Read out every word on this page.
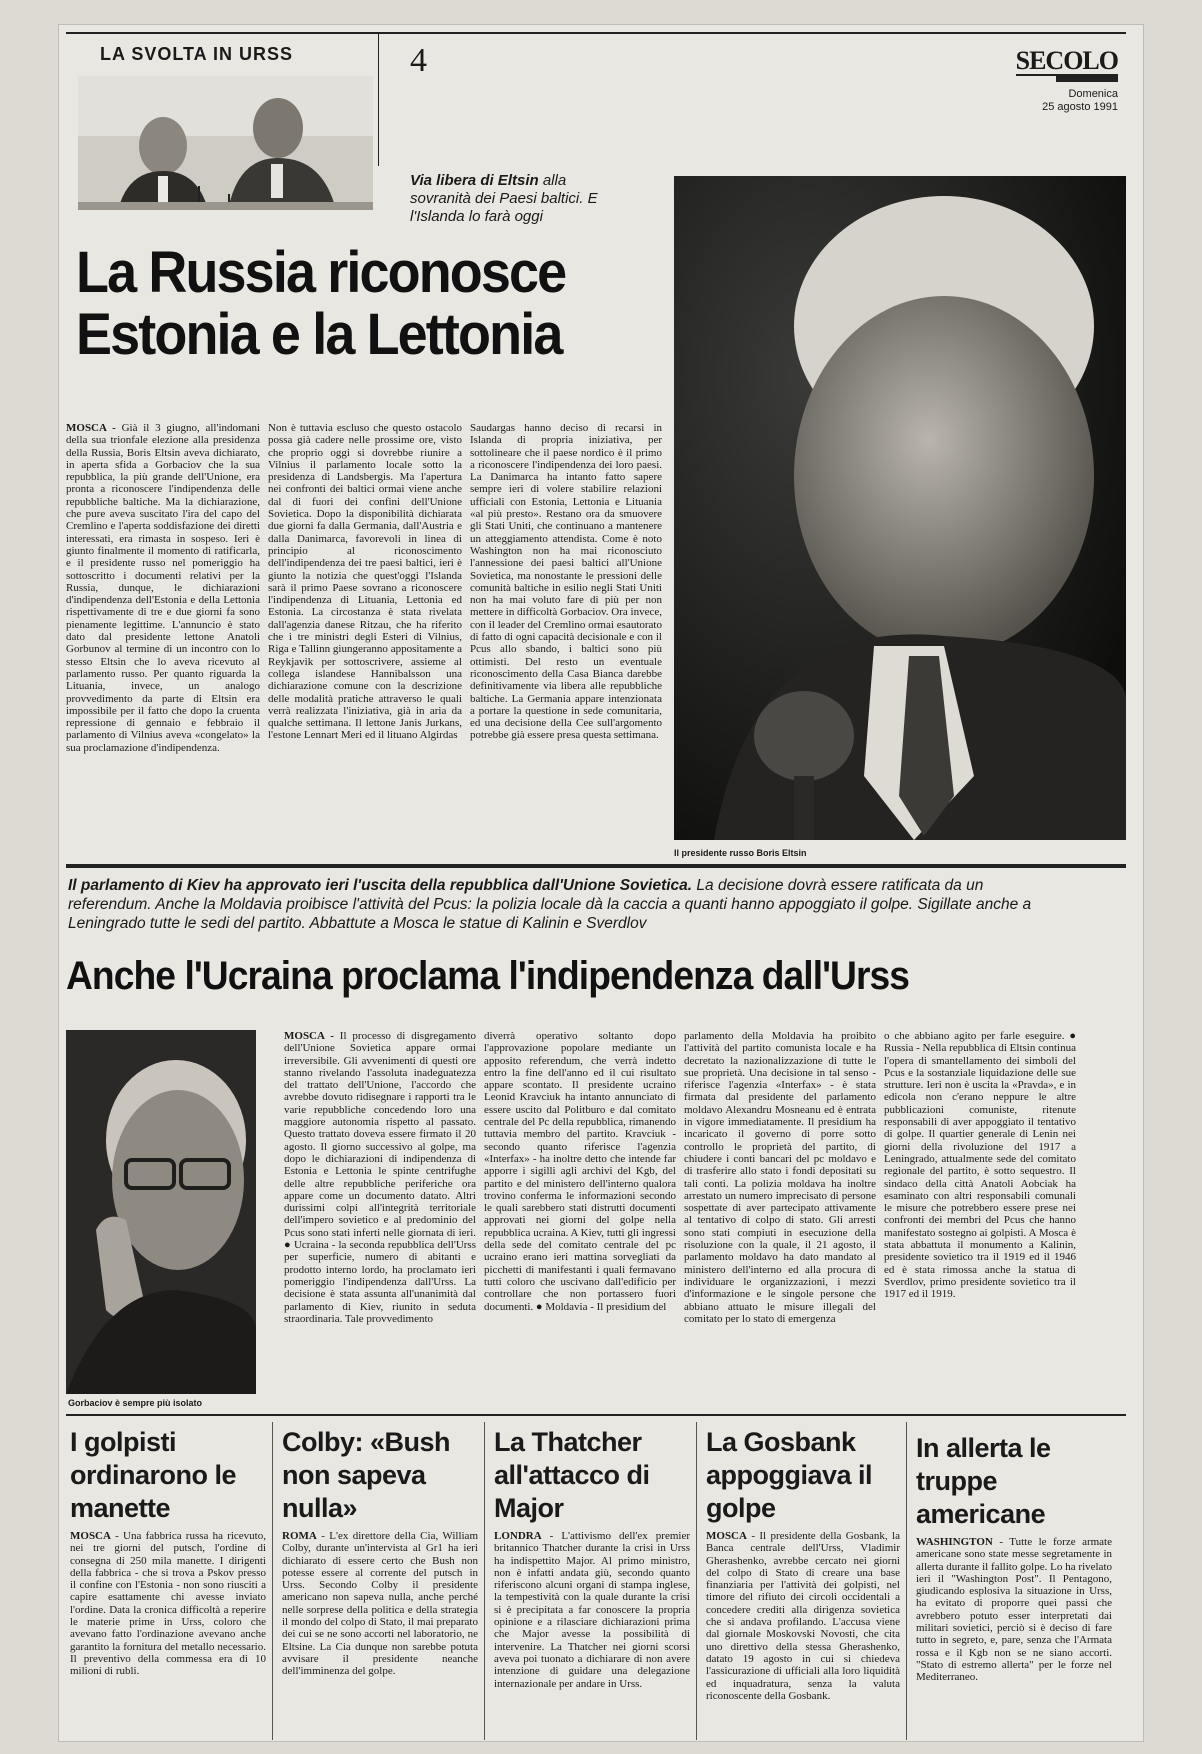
LA SVOLTA IN URSS	4	SECOLO
Domenica
25 agosto 1991
Via libera di Eltsin alla sovranità dei Paesi baltici. E l'Islanda lo farà oggi
La Russia riconosce
Estonia e la Lettonia
MOSCA - Già il 3 giugno, all'indomani della sua trionfale elezione alla presidenza della Russia, Boris Eltsin aveva dichiarato, in aperta sfida a Gorbaciov che la sua repubblica, la più grande dell'Unione, era pronta a riconoscere l'indipendenza delle repubbliche baltiche. Ma la dichiarazione, che pure aveva suscitato l'ira del capo del Cremlino e l'aperta soddisfazione dei diretti interessati, era rimasta in sospeso. Ieri è giunto finalmente il momento di ratificarla, e il presidente russo nel pomeriggio ha sottoscritto i documenti relativi per la Russia, dunque, le dichiarazioni d'indipendenza dell'Estonia e della Lettonia rispettivamente di tre e due giorni fa sono pienamente legittime. L'annuncio è stato dato dal presidente lettone Anatoli Gorbunov al termine di un incontro con lo stesso Eltsin che lo aveva ricevuto al parlamento russo. Per quanto riguarda la Lituania, invece, un analogo provvedimento da parte di Eltsin era impossibile per il fatto che dopo la cruenta repressione di gennaio e febbraio il parlamento di Vilnius aveva «congelato» la sua proclamazione d'indipendenza.
Non è tuttavia escluso che questo ostacolo possa già cadere nelle prossime ore, visto che proprio oggi si dovrebbe riunire a Vilnius il parlamento locale sotto la presidenza di Landsbergis. Ma l'apertura nei confronti dei baltici ormai viene anche dal di fuori dei confini dell'Unione Sovietica. Dopo la disponibilità dichiarata due giorni fa dalla Germania, dall'Austria e dalla Danimarca, favorevoli in linea di principio al riconoscimento dell'indipendenza dei tre paesi baltici, ieri è giunto la notizia che quest'oggi l'Islanda sarà il primo Paese sovrano a riconoscere l'indipendenza di Lituania, Lettonia ed Estonia. La circostanza è stata rivelata dall'agenzia danese Ritzau, che ha riferito che i tre ministri degli Esteri di Vilnius, Riga e Tallinn giungeranno appositamente a Reykjavik per sottoscrivere, assieme al collega islandese Hannibalsson una dichiarazione comune con la descrizione delle modalità pratiche attraverso le quali verrà realizzata l'iniziativa, già in aria da qualche settimana. Il lettone Janis Jurkans, l'estone Lennart Meri ed il lituano Algirdas
Saudargas hanno deciso di recarsi in Islanda di propria iniziativa, per sottolineare che il paese nordico è il primo a riconoscere l'indipendenza dei loro paesi. La Danimarca ha intanto fatto sapere sempre ieri di volere stabilire relazioni ufficiali con Estonia, Lettonia e Lituania «al più presto». Restano ora da smuovere gli Stati Uniti, che continuano a mantenere un atteggiamento attendista. Come è noto Washington non ha mai riconosciuto l'annessione dei paesi baltici all'Unione Sovietica, ma nonostante le pressioni delle comunità baltiche in esilio negli Stati Uniti non ha mai voluto fare di più per non mettere in difficoltà Gorbaciov. Ora invece, con il leader del Cremlino ormai esautorato di fatto di ogni capacità decisionale e con il Pcus allo sbando, i baltici sono più ottimisti. Del resto un eventuale riconoscimento della Casa Bianca darebbe definitivamente via libera alle repubbliche baltiche. La Germania appare intenzionata a portare la questione in sede comunitaria, ed una decisione della Cee sull'argomento potrebbe già essere presa questa settimana.
Il presidente russo Boris Eltsin
Il parlamento di Kiev ha approvato ieri l'uscita della repubblica dall'Unione Sovietica. La decisione dovrà essere ratificata da un referendum. Anche la Moldavia proibisce l'attività del Pcus: la polizia locale dà la caccia a quanti hanno appoggiato il golpe. Sigillate anche a Leningrado tutte le sedi del partito. Abbattute a Mosca le statue di Kalinin e Sverdlov
Anche l'Ucraina proclama l'indipendenza dall'Urss
Gorbaciov è sempre più isolato
MOSCA - Il processo di disgregamento dell'Unione Sovietica appare ormai irreversibile. Gli avvenimenti di questi ore stanno rivelando l'assoluta inadeguatezza del trattato dell'Unione, l'accordo che avrebbe dovuto ridisegnare i rapporti tra le varie repubbliche concedendo loro una maggiore autonomia rispetto al passato. Questo trattato doveva essere firmato il 20 agosto. Il giorno successivo al golpe, ma dopo le dichiarazioni di indipendenza di Estonia e Lettonia le spinte centrifughe delle altre repubbliche periferiche ora appare come un documento datato. Altri durissimi colpi all'integrità territoriale dell'impero sovietico e al predominio del Pcus sono stati inferti nelle giornata di ieri. ● Ucraina - la seconda repubblica dell'Urss per superficie, numero di abitanti e prodotto interno lordo, ha proclamato ieri pomeriggio l'indipendenza dall'Urss. La decisione è stata assunta all'unanimità dal parlamento di Kiev, riunito in seduta straordinaria. Tale provvedimento
diverrà operativo soltanto dopo l'approvazione popolare mediante un apposito referendum, che verrà indetto entro la fine dell'anno ed il cui risultato appare scontato. Il presidente ucraino Leonid Kravciuk ha intanto annunciato di essere uscito dal Politburo e dal comitato centrale del Pc della repubblica, rimanendo tuttavia membro del partito. Kravciuk - secondo quanto riferisce l'agenzia «Interfax» - ha inoltre detto che intende far apporre i sigilli agli archivi del Kgb, del partito e del ministero dell'interno qualora trovino conferma le informazioni secondo le quali sarebbero stati distrutti documenti approvati nei giorni del golpe nella repubblica ucraina. A Kiev, tutti gli ingressi della sede del comitato centrale del pc ucraino erano ieri mattina sorvegliati da picchetti di manifestanti i quali fermavano tutti coloro che uscivano dall'edificio per controllare che non portassero fuori documenti. ● Moldavia - Il presidium del
parlamento della Moldavia ha proibito l'attività del partito comunista locale e ha decretato la nazionalizzazione di tutte le sue proprietà. Una decisione in tal senso - riferisce l'agenzia «Interfax» - è stata firmata dal presidente del parlamento moldavo Alexandru Mosneanu ed è entrata in vigore immediatamente. Il presidium ha incaricato il governo di porre sotto controllo le proprietà del partito, di chiudere i conti bancari del pc moldavo e di trasferire allo stato i fondi depositati su tali conti. La polizia moldava ha inoltre arrestato un numero imprecisato di persone sospettate di aver partecipato attivamente al tentativo di colpo di stato. Gli arresti sono stati compiuti in esecuzione della risoluzione con la quale, il 21 agosto, il parlamento moldavo ha dato mandato al ministero dell'interno ed alla procura di individuare le organizzazioni, i mezzi d'informazione e le singole persone che abbiano attuato le misure illegali del comitato per lo stato di emergenza
o che abbiano agito per farle eseguire. ● Russia - Nella repubblica di Eltsin continua l'opera di smantellamento dei simboli del Pcus e la sostanziale liquidazione delle sue strutture. Ieri non è uscita la «Pravda», e in edicola non c'erano neppure le altre pubblicazioni comuniste, ritenute responsabili di aver appoggiato il tentativo di golpe. Il quartier generale di Lenin nei giorni della rivoluzione del 1917 a Leningrado, attualmente sede del comitato regionale del partito, è sotto sequestro. Il sindaco della città Anatoli Aobciak ha esaminato con altri responsabili comunali le misure che potrebbero essere prese nei confronti dei membri del Pcus che hanno manifestato sostegno ai golpisti. A Mosca è stata abbattuta il monumento a Kalinin, presidente sovietico tra il 1919 ed il 1946 ed è stata rimossa anche la statua di Sverdlov, primo presidente sovietico tra il 1917 ed il 1919.
I golpisti ordinarono le manette
MOSCA - Una fabbrica russa ha ricevuto, nei tre giorni del putsch, l'ordine di consegna di 250 mila manette. I dirigenti della fabbrica - che si trova a Pskov presso il confine con l'Estonia - non sono riusciti a capire esattamente chi avesse inviato l'ordine. Data la cronica difficoltà a reperire le materie prime in Urss, coloro che avevano fatto l'ordinazione avevano anche garantito la fornitura del metallo necessario. Il preventivo della commessa era di 10 milioni di rubli.
Colby: «Bush non sapeva nulla»
ROMA - L'ex direttore della Cia, William Colby, durante un'intervista al Gr1 ha ieri dichiarato di essere certo che Bush non potesse essere al corrente del putsch in Urss. Secondo Colby il presidente americano non sapeva nulla, anche perché nelle sorprese della politica e della strategia il mondo del colpo di Stato, il mai preparato dei cui se ne sono accorti nel laboratorio, ne Eltsine. La Cia dunque non sarebbe potuta avvisare il presidente neanche dell'imminenza del golpe.
La Thatcher all'attacco di Major
LONDRA - L'attivismo dell'ex premier britannico Thatcher durante la crisi in Urss ha indispettito Major. Al primo ministro, non è infatti andata giù, secondo quanto riferiscono alcuni organi di stampa inglese, la tempestività con la quale durante la crisi si è precipitata a far conoscere la propria opinione e a rilasciare dichiarazioni prima che Major avesse la possibilità di intervenire. La Thatcher nei giorni scorsi aveva poi tuonato a dichiarare di non avere intenzione di guidare una delegazione internazionale per andare in Urss.
La Gosbank appoggiava il golpe
MOSCA - Il presidente della Gosbank, la Banca centrale dell'Urss, Vladimir Gherashenko, avrebbe cercato nei giorni del colpo di Stato di creare una base finanziaria per l'attività dei golpisti, nel timore del rifiuto dei circoli occidentali a concedere crediti alla dirigenza sovietica che si andava profilando. L'accusa viene dal giornale Moskovski Novosti, che cita uno direttivo della stessa Gherashenko, datato 19 agosto in cui si chiedeva l'assicurazione di ufficiali alla loro liquidità ed inquadratura, senza la valuta riconoscente della Gosbank.
In allerta le truppe americane
WASHINGTON - Tutte le forze armate americane sono state messe segretamente in allerta durante il fallito golpe. Lo ha rivelato ieri il "Washington Post". Il Pentagono, giudicando esplosiva la situazione in Urss, ha evitato di proporre quei passi che avrebbero potuto esser interpretati dai militari sovietici, perciò si è deciso di fare tutto in segreto, e, pare, senza che l'Armata rossa e il Kgb non se ne siano accorti. "Stato di estremo allerta" per le forze nel Mediterraneo.
